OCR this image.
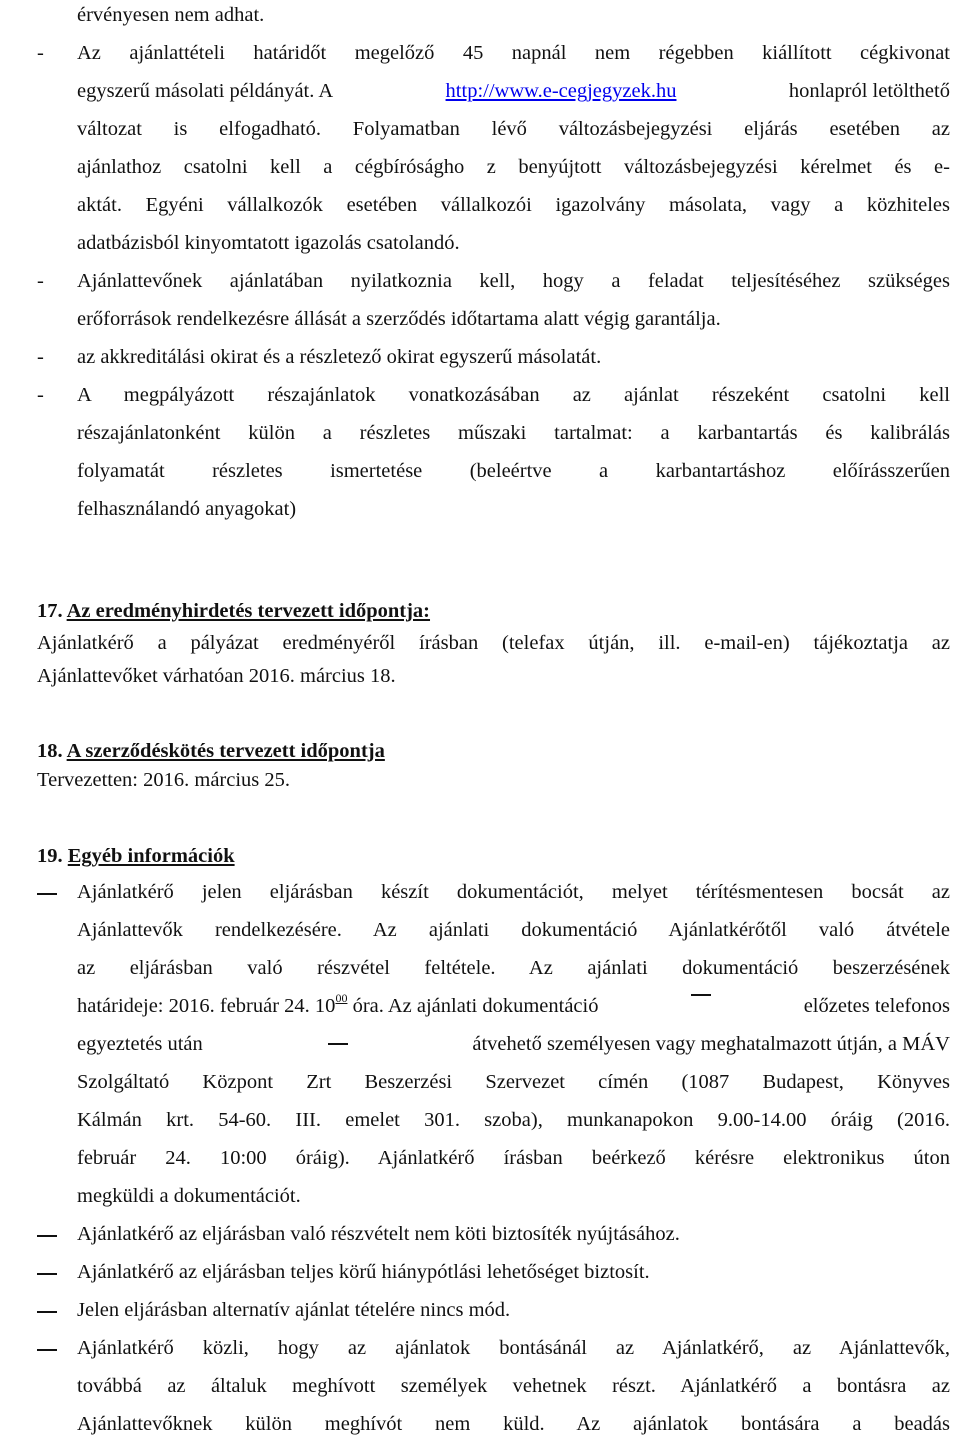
érvényesen nem adhat.
- Az ajánlattételi határidőt megelőző 45 napnál nem régebben kiállított cégkivonat
egyszerű másolati példányát. A	http://www.e-cegjegyzek.hu	honlapról letölthető
változat is elfogadható. Folyamatban lévő változásbejegyzési eljárás esetében az
ajánlathoz csatolni kell a cégbíróságho z benyújtott változásbejegyzési kérelmet és e-
aktát. Egyéni vállalkozók esetében vállalkozói igazolvány másolata, vagy a közhiteles
adatbázisból kinyomtatott igazolás csatolandó.
- Ajánlattevőnek ajánlatában nyilatkoznia kell, hogy a feladat teljesítéséhez szükséges
erőforrások rendelkezésre állását a szerződés időtartama alatt végig garantálja.
- az akkreditálási okirat és a részletező okirat egyszerű másolatát.
- A megpályázott részajánlatok vonatkozásában az ajánlat részeként csatolni kell
részajánlatonként külön a részletes műszaki tartalmat: a karbantartás és kalibrálás
folyamatát részletes ismertetése (beleértve a karbantartáshoz előírásszerűen
felhasználandó anyagokat)
17. Az eredményhirdetés tervezett időpontja:
Ajánlatkérő a pályázat eredményéről írásban (telefax útján, ill. e-mail-en) tájékoztatja az
Ajánlattevőket várhatóan 2016. március 18.
18. A szerződéskötés tervezett időpontja
Tervezetten: 2016. március 25.
19. Egyéb információk
Ajánlatkérő jelen eljárásban készít dokumentációt, melyet térítésmentesen bocsát az
Ajánlattevők rendelkezésére. Az ajánlati dokumentáció Ajánlatkérőtől való átvétele
az eljárásban való részvétel feltétele. Az ajánlati dokumentáció beszerzésének
határideje: 2016. február 24. $10^{00}$ óra. Az ajánlati dokumentáció	előzetes telefonos
egyeztetés után	átvehető személyesen vagy meghatalmazott útján, a MÁV
Szolgáltató Központ Zrt Beszerzési Szervezet címén (1087 Budapest, Könyves
Kálmán krt. 54-60. III. emelet 301. szoba), munkanapokon 9.00-14.00 óráig (2016.
február 24. 10:00 óráig). Ajánlatkérő írásban beérkező kérésre elektronikus úton
megküldi a dokumentációt.
Ajánlatkérő az eljárásban való részvételt nem köti biztosíték nyújtásához.
Ajánlatkérő az eljárásban teljes körű hiánypótlási lehetőséget biztosít.
Jelen eljárásban alternatív ajánlat tételére nincs mód.
Ajánlatkérő közli, hogy az ajánlatok bontásánál az Ajánlatkérő, az Ajánlattevők,
továbbá az általuk meghívott személyek vehetnek részt. Ajánlatkérő a bontásra az
Ajánlattevőknek külön meghívót nem küld. Az ajánlatok bontására a beadás
